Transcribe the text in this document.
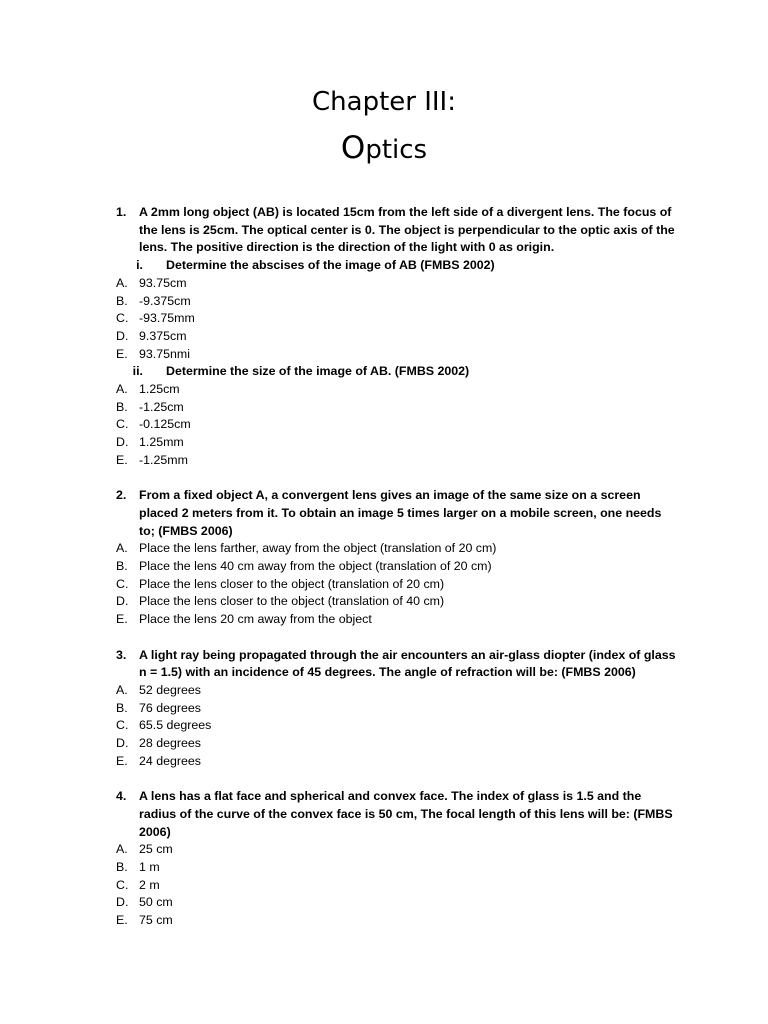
Chapter III:
Optics
1.	A 2mm long object (AB) is located 15cm from the left side of a divergent lens. The focus of the lens is 25cm. The optical center is 0. The object is perpendicular to the optic axis of the lens. The positive direction is the direction of the light with 0 as origin.
i.	Determine the abscises of the image of AB (FMBS 2002)
A. 93.75cm
B. -9.375cm
C. -93.75mm
D. 9.375cm
E. 93.75nmi
ii.	Determine the size of the image of AB. (FMBS 2002)
A. 1.25cm
B. -1.25cm
C. -0.125cm
D. 1.25mm
E. -1.25mm
2.	From a fixed object A, a convergent lens gives an image of the same size on a screen placed 2 meters from it. To obtain an image 5 times larger on a mobile screen, one needs to; (FMBS 2006)
A. Place the lens farther, away from the object (translation of 20 cm)
B. Place the lens 40 cm away from the object (translation of 20 cm)
C. Place the lens closer to the object (translation of 20 cm)
D. Place the lens closer to the object (translation of 40 cm)
E. Place the lens 20 cm away from the object
3.	A light ray being propagated through the air encounters an air-glass diopter (index of glass n = 1.5) with an incidence of 45 degrees. The angle of refraction will be: (FMBS 2006)
A. 52 degrees
B. 76 degrees
C. 65.5 degrees
D. 28 degrees
E. 24 degrees
4.	A lens has a flat face and spherical and convex face. The index of glass is 1.5 and the radius of the curve of the convex face is 50 cm, The focal length of this lens will be: (FMBS 2006)
A. 25 cm
B. 1 m
C. 2 m
D. 50 cm
E. 75 cm
